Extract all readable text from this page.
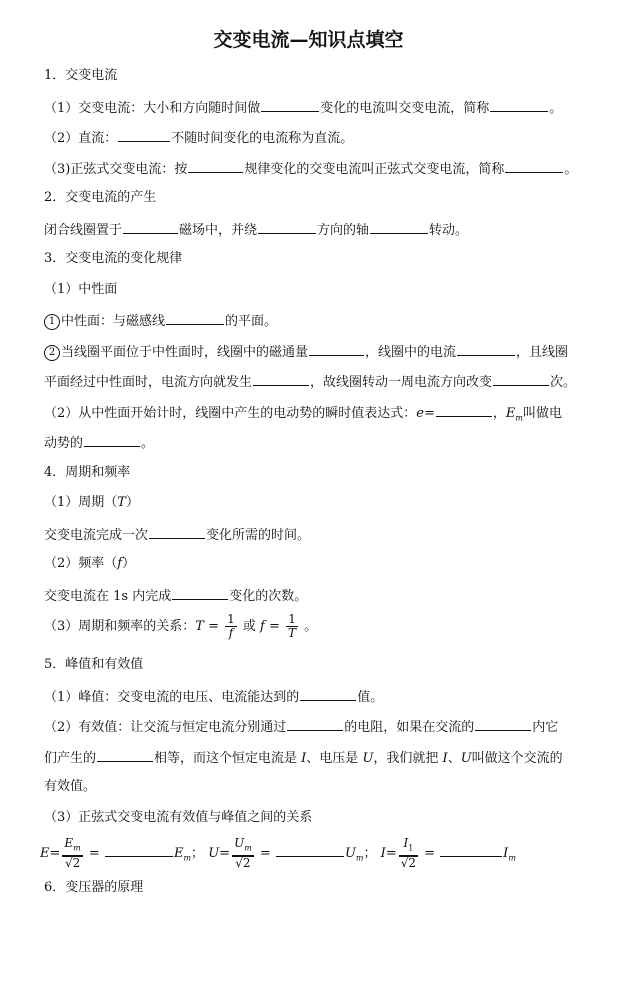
交变电流—知识点填空
1．交变电流
（1）交变电流：大小和方向随时间做	变化的电流叫交变电流，简称	。
（2）直流：	不随时间变化的电流称为直流。
（3)正弦式交变电流：按	规律变化的交变电流叫正弦式交变电流，简称	。
2．交变电流的产生
闭合线圈置于	磁场中，并绕	方向的轴	转动。
3．交变电流的变化规律
（1）中性面
1 中性面：与磁感线	的平面。
2 当线圈平面位于中性面时，线圈中的磁通量	，线圈中的电流	，且线圈
平面经过中性面时，电流方向就发生	，故线圈转动一周电流方向改变	次。
（2）从中性面开始计时，线圈中产生的电动势的瞬时值表达式：e=	，$E_m$叫做电
动势的	。
4．周期和频率
（1）周期（T）
交变电流完成一次	变化所需的时间。
（2）频率（f）
交变电流在 1s 内完成	变化的次数。
（3）周期和频率的关系：$T = \frac{1}{f}$ 或 $f = \frac{1}{T}$ 。
5．峰值和有效值
（1）峰值：交变电流的电压、电流能达到的	值。
（2）有效值：让交流与恒定电流分别通过	的电阻，如果在交流的	内它
们产生的	相等，而这个恒定电流是 I、电压是 U，我们就把 I、U叫做这个交流的
有效值。
（3）正弦式交变电流有效值与峰值之间的关系
$E= \frac{E_m}{√2}$ =	$E_m$； $U= \frac{U_m}{√2}$ =	$U_m$； $I= \frac{I_1}{√2}$ =	$I_m$
6．变压器的原理
